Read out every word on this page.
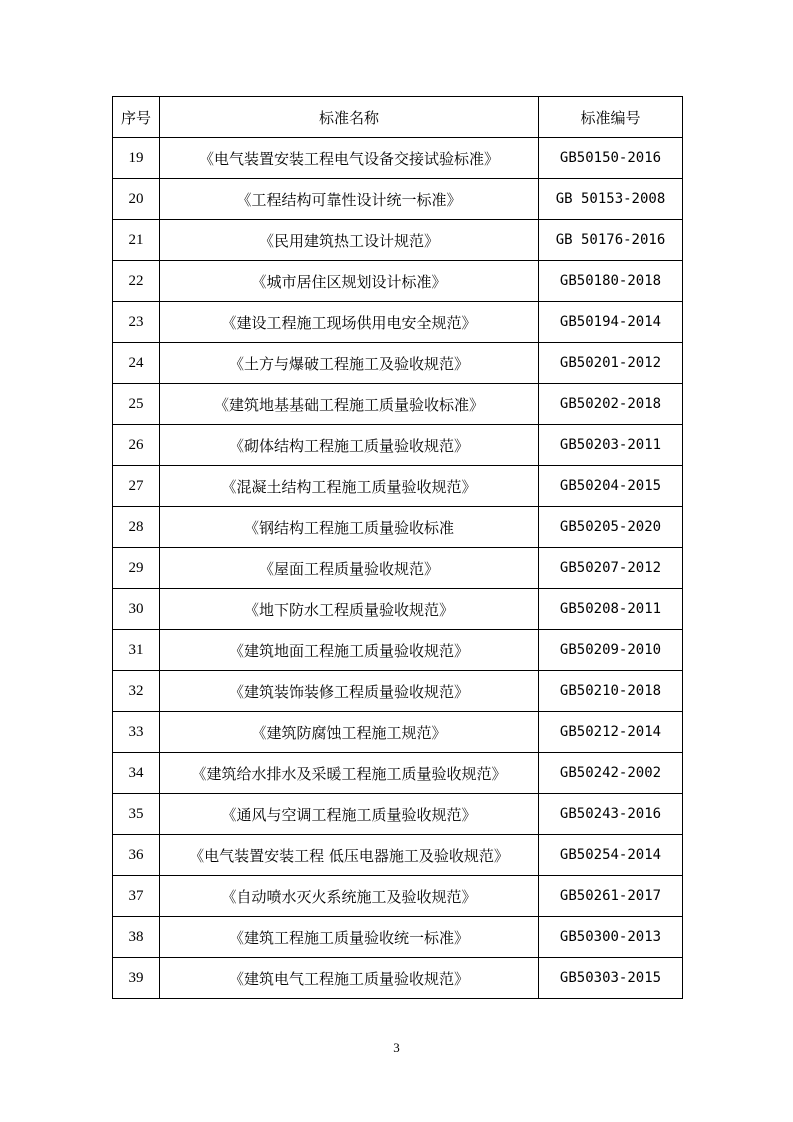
序号	标准名称	标准编号
19	《电气装置安装工程电气设备交接试验标准》	GB50150-2016
20	《工程结构可靠性设计统一标准》	GB 50153-2008
21	《民用建筑热工设计规范》	GB 50176-2016
22	《城市居住区规划设计标准》	GB50180-2018
23	《建设工程施工现场供用电安全规范》	GB50194-2014
24	《土方与爆破工程施工及验收规范》	GB50201-2012
25	《建筑地基基础工程施工质量验收标准》	GB50202-2018
26	《砌体结构工程施工质量验收规范》	GB50203-2011
27	《混凝土结构工程施工质量验收规范》	GB50204-2015
28	《钢结构工程施工质量验收标准	GB50205-2020
29	《屋面工程质量验收规范》	GB50207-2012
30	《地下防水工程质量验收规范》	GB50208-2011
31	《建筑地面工程施工质量验收规范》	GB50209-2010
32	《建筑装饰装修工程质量验收规范》	GB50210-2018
33	《建筑防腐蚀工程施工规范》	GB50212-2014
34	《建筑给水排水及采暖工程施工质量验收规范》	GB50242-2002
35	《通风与空调工程施工质量验收规范》	GB50243-2016
36	《电气装置安装工程 低压电器施工及验收规范》	GB50254-2014
37	《自动喷水灭火系统施工及验收规范》	GB50261-2017
38	《建筑工程施工质量验收统一标准》	GB50300-2013
39	《建筑电气工程施工质量验收规范》	GB50303-2015
3
